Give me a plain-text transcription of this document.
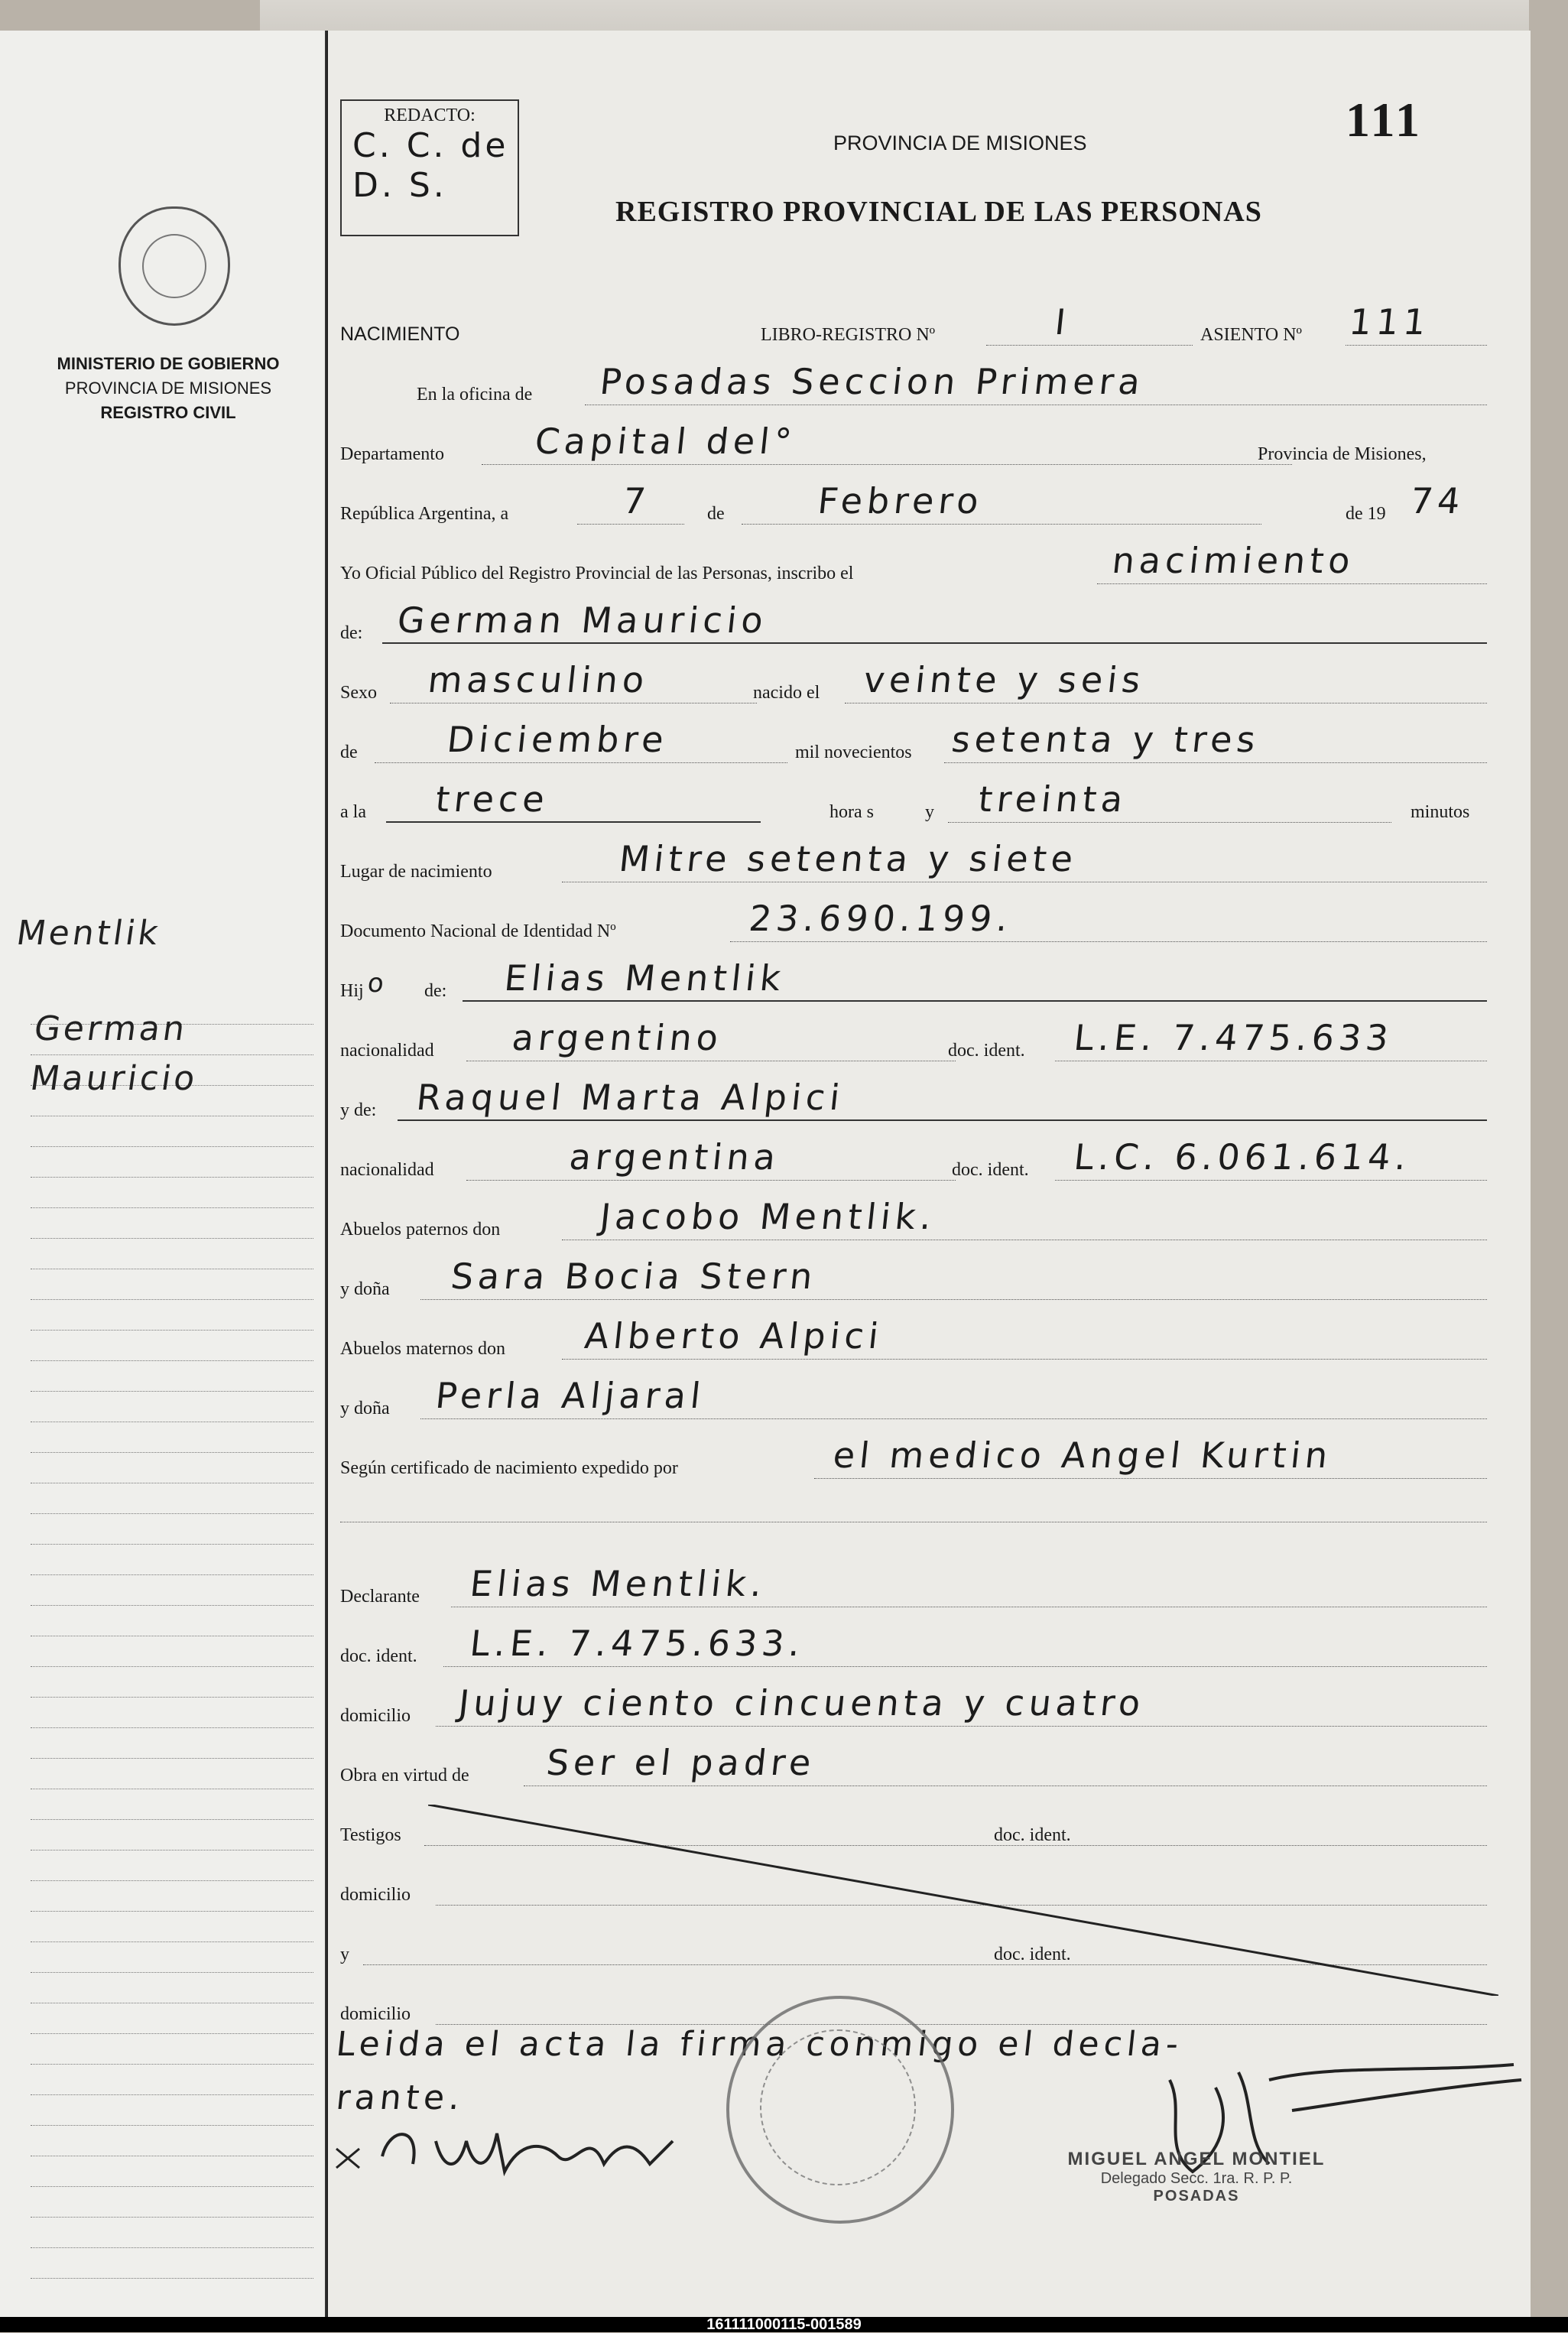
MINISTERIO DE GOBIERNO
PROVINCIA DE MISIONES
REGISTRO CIVIL
Mentlik
German
Mauricio
REDACTO:
C. C. de
D. S.
111
PROVINCIA DE MISIONES
REGISTRO PROVINCIAL DE LAS PERSONAS
NACIMIENTO	LIBRO-REGISTRO Nº	I	ASIENTO Nº 111
En la oficina de Posadas Seccion Primera
Departamento	Capital del°	Provincia de Misiones,
República Argentina, a	7	de	Febrero	de 19 74
Yo Oficial Público del Registro Provincial de las Personas, inscribo el	nacimiento
de: German Mauricio
Sexo masculino	nacido el veinte y seis
de Diciembre	mil novecientos setenta y tres
a la trece	hora s	y treinta	minutos
Lugar de nacimiento	Mitre setenta y siete
Documento Nacional de Identidad Nº	23.690.199.
Hij o de: Elias Mentlik
nacionalidad argentino	doc. ident. L.E. 7.475.633
y de: Raquel Marta Alpici
nacionalidad	argentina	doc. ident. L.C. 6.061.614.
Abuelos paternos don	Jacobo Mentlik.
y doña Sara Bocia Stern
Abuelos maternos don Alberto Alpici
y doña Perla Aljaral
Según certificado de nacimiento expedido por	el medico Angel Kurtin
Declarante Elias Mentlik.
doc. ident. L.E. 7.475.633.
domicilio Jujuy ciento cincuenta y cuatro
Obra en virtud de Ser el padre
Testigos	doc. ident.
domicilio
y	doc. ident.
domicilio
Leida el acta la firma conmigo el decla-
rante.
MIGUEL ANGEL MONTIEL
Delegado Secc. 1ra. R. P. P.
POSADAS
161111000115-001589
